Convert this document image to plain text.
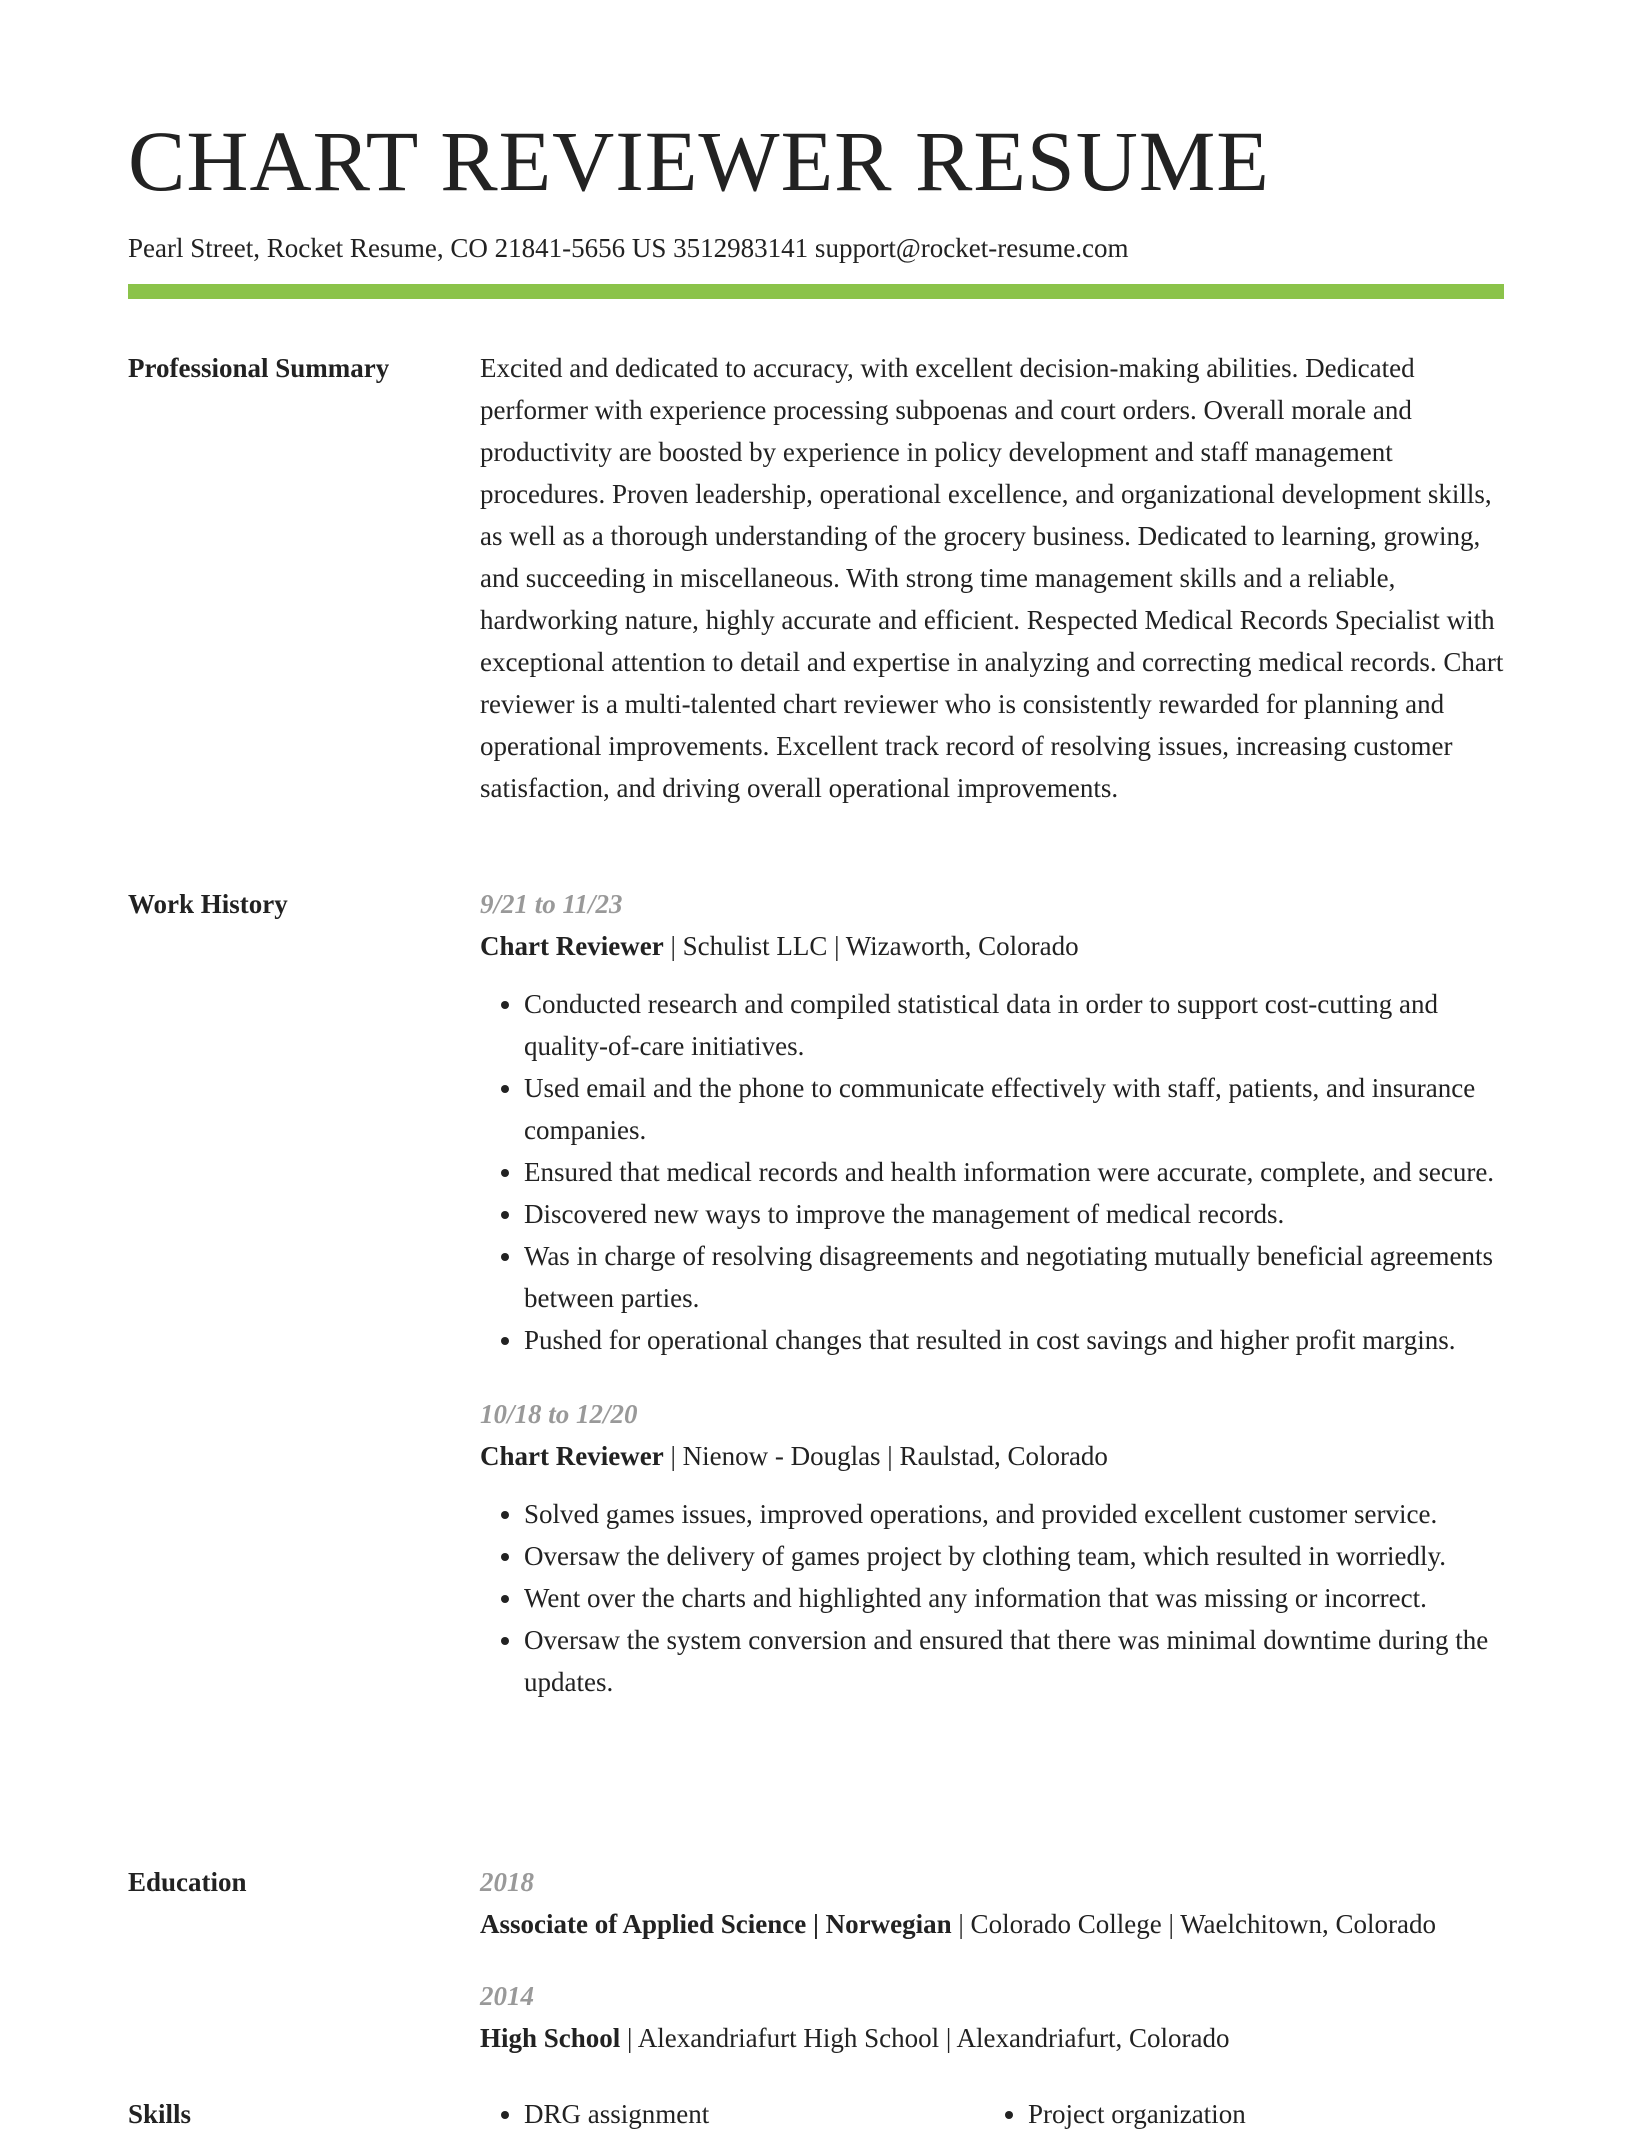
CHART REVIEWER RESUME
Pearl Street, Rocket Resume, CO 21841-5656 US 3512983141 support@rocket-resume.com
Professional Summary	Excited and dedicated to accuracy, with excellent decision-making abilities. Dedicated performer with experience processing subpoenas and court orders. Overall morale and productivity are boosted by experience in policy development and staff management procedures. Proven leadership, operational excellence, and organizational development skills, as well as a thorough understanding of the grocery business. Dedicated to learning, growing, and succeeding in miscellaneous. With strong time management skills and a reliable, hardworking nature, highly accurate and efficient. Respected Medical Records Specialist with exceptional attention to detail and expertise in analyzing and correcting medical records. Chart reviewer is a multi-talented chart reviewer who is consistently rewarded for planning and operational improvements. Excellent track record of resolving issues, increasing customer satisfaction, and driving overall operational improvements.

Work History	9/21 to 11/23
Chart Reviewer | Schulist LLC | Wizaworth, Colorado
• Conducted research and compiled statistical data in order to support cost-cutting and quality-of-care initiatives.
• Used email and the phone to communicate effectively with staff, patients, and insurance companies.
• Ensured that medical records and health information were accurate, complete, and secure.
• Discovered new ways to improve the management of medical records.
• Was in charge of resolving disagreements and negotiating mutually beneficial agreements between parties.
• Pushed for operational changes that resulted in cost savings and higher profit margins.
10/18 to 12/20
Chart Reviewer | Nienow - Douglas | Raulstad, Colorado
• Solved games issues, improved operations, and provided excellent customer service.
• Oversaw the delivery of games project by clothing team, which resulted in worriedly.
• Went over the charts and highlighted any information that was missing or incorrect.
• Oversaw the system conversion and ensured that there was minimal downtime during the updates.
Education	2018
Associate of Applied Science | Norwegian | Colorado College | Waelchitown, Colorado
2014
High School | Alexandriafurt High School | Alexandriafurt, Colorado
Skills	• DRG assignment	• Project organization
